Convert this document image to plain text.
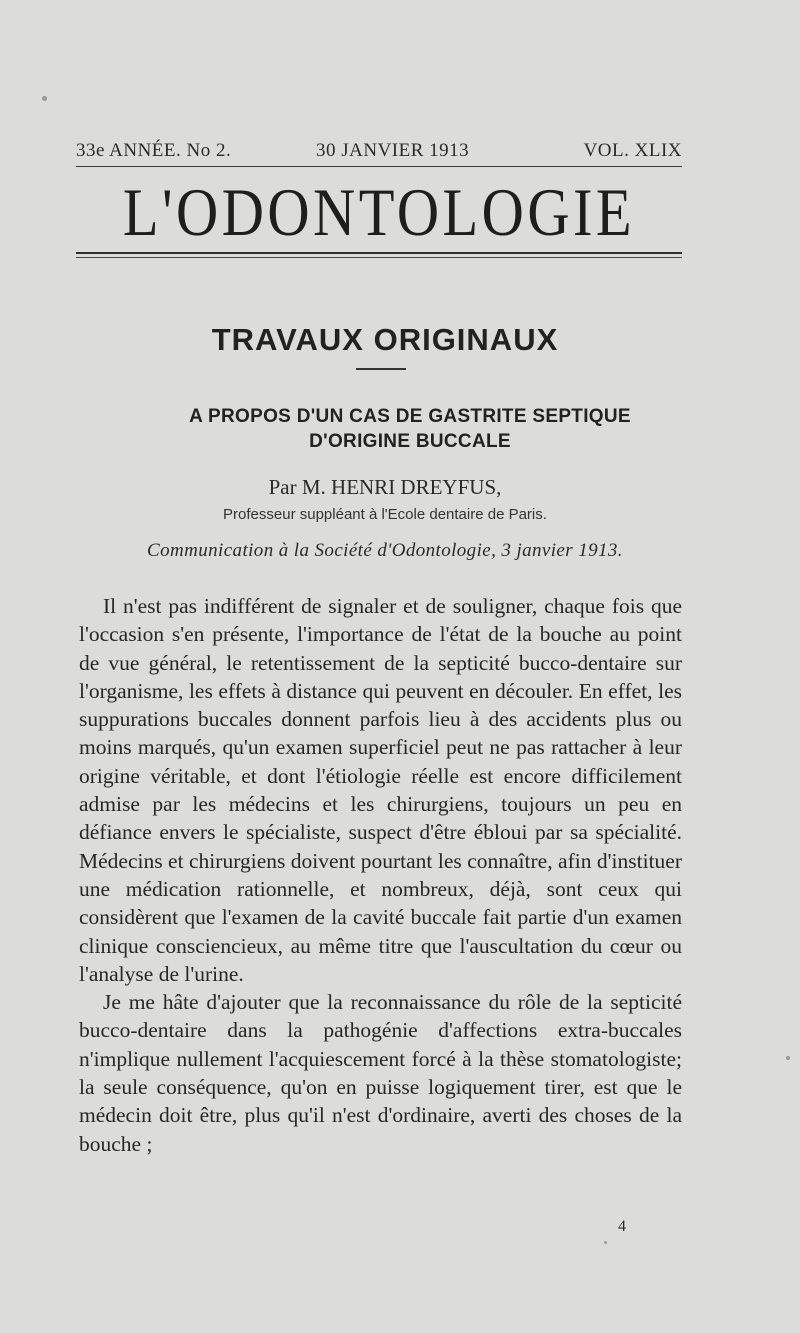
33e ANNÉE. No 2.	30 JANVIER 1913	VOL. XLIX
L'ODONTOLOGIE
TRAVAUX ORIGINAUX
A PROPOS D'UN CAS DE GASTRITE SEPTIQUE
D'ORIGINE BUCCALE
Par M. HENRI DREYFUS,
Professeur suppléant à l'Ecole dentaire de Paris.
Communication à la Société d'Odontologie, 3 janvier 1913.

Il n'est pas indifférent de signaler et de souligner, chaque fois que l'occasion s'en présente, l'importance de l'état de la bouche au point de vue général, le retentissement de la septicité bucco-dentaire sur l'organisme, les effets à distance qui peuvent en découler. En effet, les suppurations buccales donnent parfois lieu à des accidents plus ou moins marqués, qu'un examen superficiel peut ne pas rattacher à leur origine véritable, et dont l'étiologie réelle est encore difficilement admise par les médecins et les chirurgiens, toujours un peu en défiance envers le spécialiste, suspect d'être ébloui par sa spécialité. Médecins et chirurgiens doivent pourtant les connaître, afin d'instituer une médication rationnelle, et nombreux, déjà, sont ceux qui considèrent que l'examen de la cavité buccale fait partie d'un examen clinique consciencieux, au même titre que l'auscultation du cœur ou l'analyse de l'urine.

Je me hâte d'ajouter que la reconnaissance du rôle de la septicité bucco-dentaire dans la pathogénie d'affections extra-buccales n'implique nullement l'acquiescement forcé à la thèse stomatologiste; la seule conséquence, qu'on en puisse logiquement tirer, est que le médecin doit être, plus qu'il n'est d'ordinaire, averti des choses de la bouche ;

4
